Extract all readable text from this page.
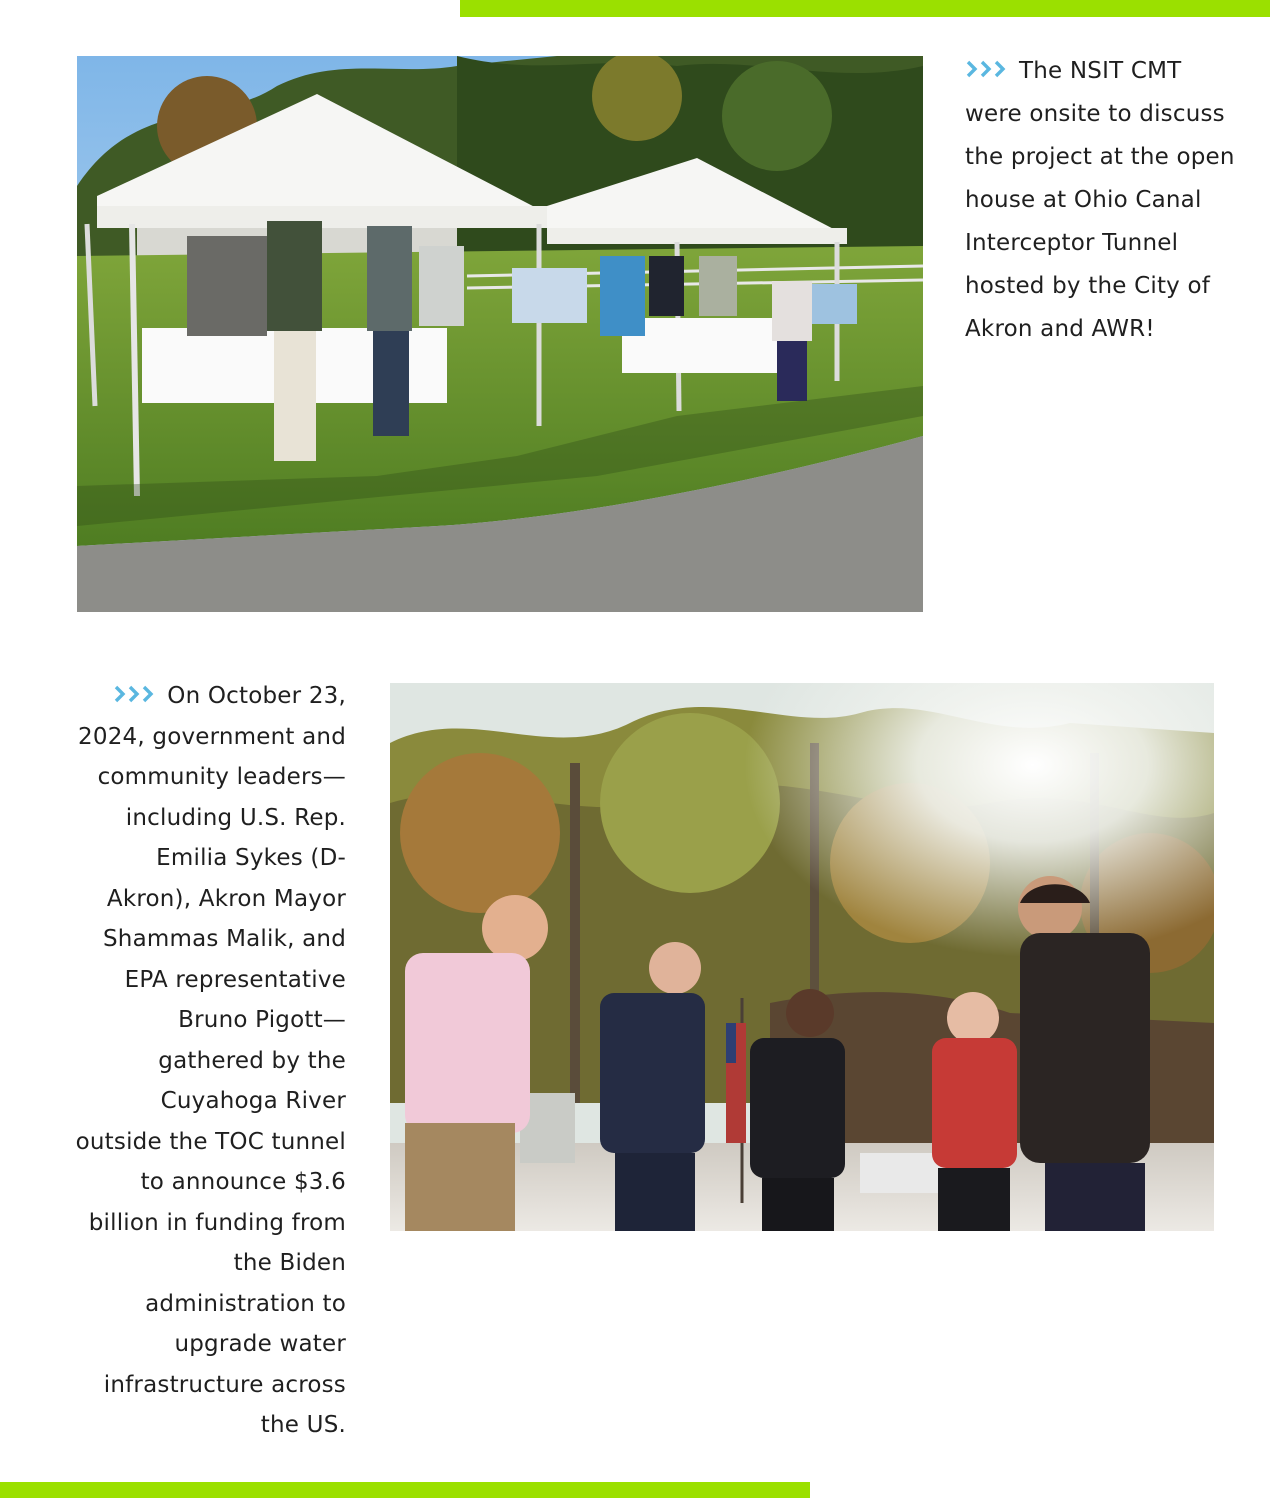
The NSIT CMT were onsite to discuss the project at the open house at Ohio Canal Interceptor Tunnel hosted by the City of Akron and AWR!
On October 23, 2024, government and community leaders—including U.S. Rep. Emilia Sykes (D-Akron), Akron Mayor Shammas Malik, and EPA representative Bruno Pigott—gathered by the Cuyahoga River outside the TOC tunnel to announce $3.6 billion in funding from the Biden administration to upgrade water infrastructure across the US.
